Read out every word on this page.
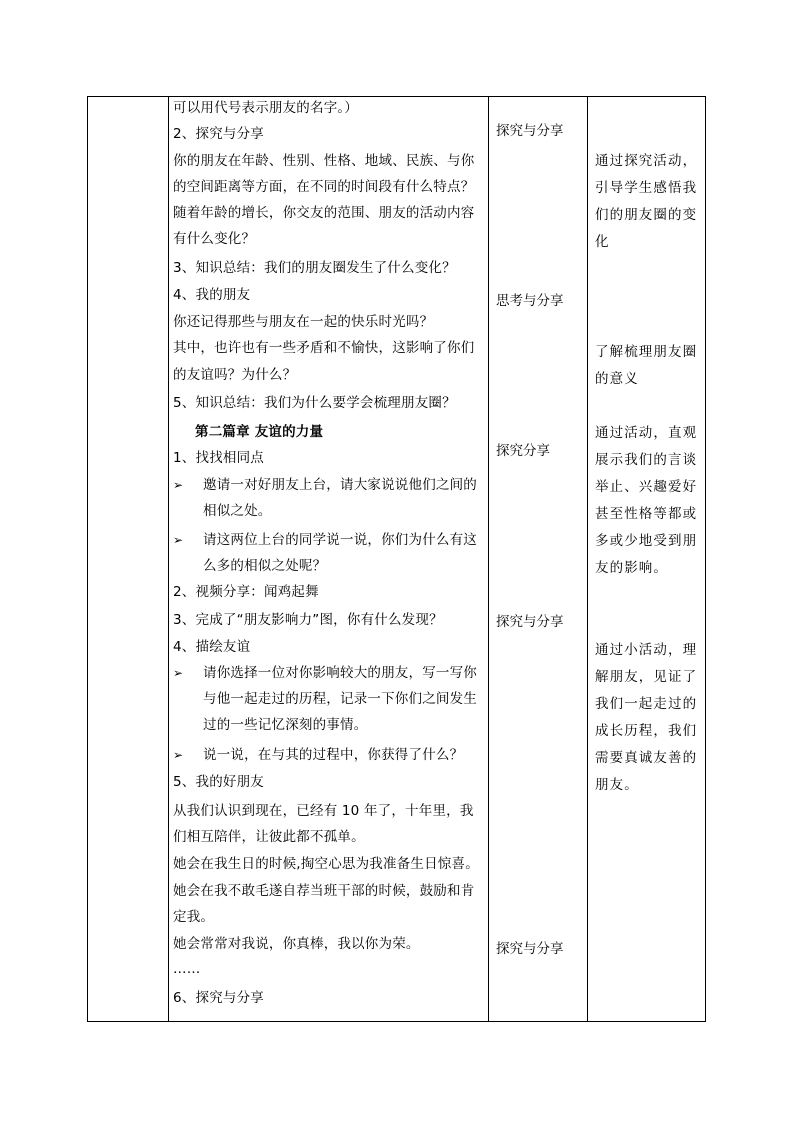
可以用代号表示朋友的名字。）
2、探究与分享
你的朋友在年龄、性别、性格、地域、民族、与你
的空间距离等方面，在不同的时间段有什么特点？
随着年龄的增长，你交友的范围、朋友的活动内容
有什么变化？
3、知识总结：我们的朋友圈发生了什么变化？
4、我的朋友
你还记得那些与朋友在一起的快乐时光吗？
其中，也许也有一些矛盾和不愉快，这影响了你们
的友谊吗？为什么？
5、知识总结：我们为什么要学会梳理朋友圈？
第二篇章 友谊的力量
1、找找相同点
➢ 邀请一对好朋友上台，请大家说说他们之间的
相似之处。
➢ 请这两位上台的同学说一说，你们为什么有这
么多的相似之处呢？
2、视频分享：闻鸡起舞
3、完成了“朋友影响力”图，你有什么发现？
4、描绘友谊
➢ 请你选择一位对你影响较大的朋友，写一写你
与他一起走过的历程，记录一下你们之间发生
过的一些记忆深刻的事情。
➢ 说一说，在与其的过程中，你获得了什么？
5、我的好朋友
从我们认识到现在，已经有 10 年了，十年里，我
们相互陪伴，让彼此都不孤单。
她会在我生日的时候,掏空心思为我准备生日惊喜。
她会在我不敢毛遂自荐当班干部的时候，鼓励和肯
定我。
她会常常对我说，你真棒，我以你为荣。
……
6、探究与分享
探究与分享
思考与分享
探究分享
探究与分享
探究与分享
通过探究活动，
引导学生感悟我
们的朋友圈的变
化
了解梳理朋友圈
的意义
通过活动，直观
展示我们的言谈
举止、兴趣爱好
甚至性格等都或
多或少地受到朋
友的影响。
通过小活动，理
解朋友，见证了
我们一起走过的
成长历程，我们
需要真诚友善的
朋友。
